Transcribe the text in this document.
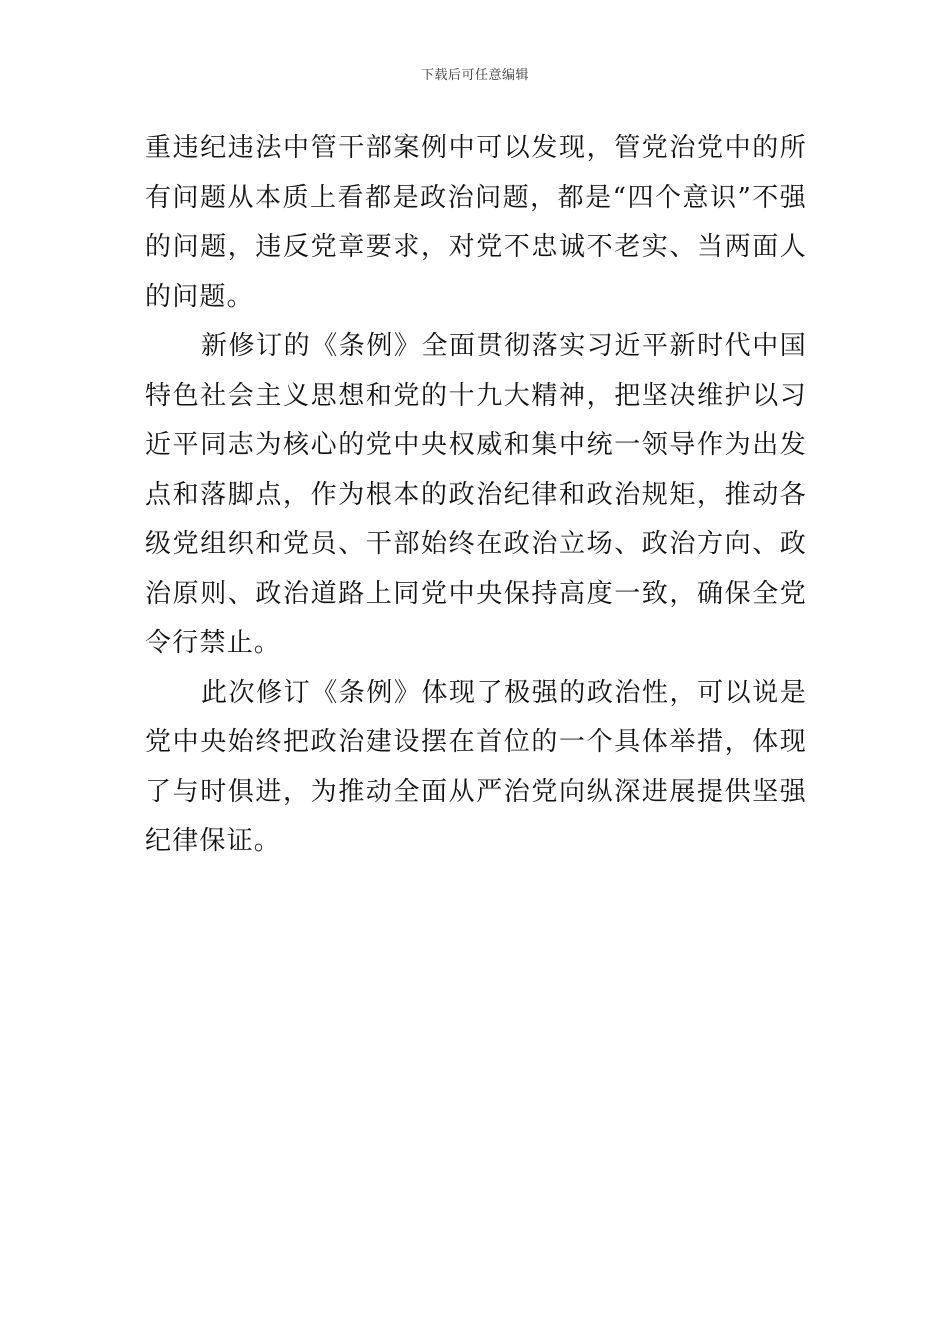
下载后可任意编辑

重违纪违法中管干部案例中可以发现，管党治党中的所有问题从本质上看都是政治问题，都是“四个意识”不强的问题，违反党章要求，对党不忠诚不老实、当两面人的问题。

新修订的《条例》全面贯彻落实习近平新时代中国特色社会主义思想和党的十九大精神，把坚决维护以习近平同志为核心的党中央权威和集中统一领导作为出发点和落脚点，作为根本的政治纪律和政治规矩，推动各级党组织和党员、干部始终在政治立场、政治方向、政治原则、政治道路上同党中央保持高度一致，确保全党令行禁止。

此次修订《条例》体现了极强的政治性，可以说是党中央始终把政治建设摆在首位的一个具体举措，体现了与时俱进，为推动全面从严治党向纵深进展提供坚强纪律保证。
